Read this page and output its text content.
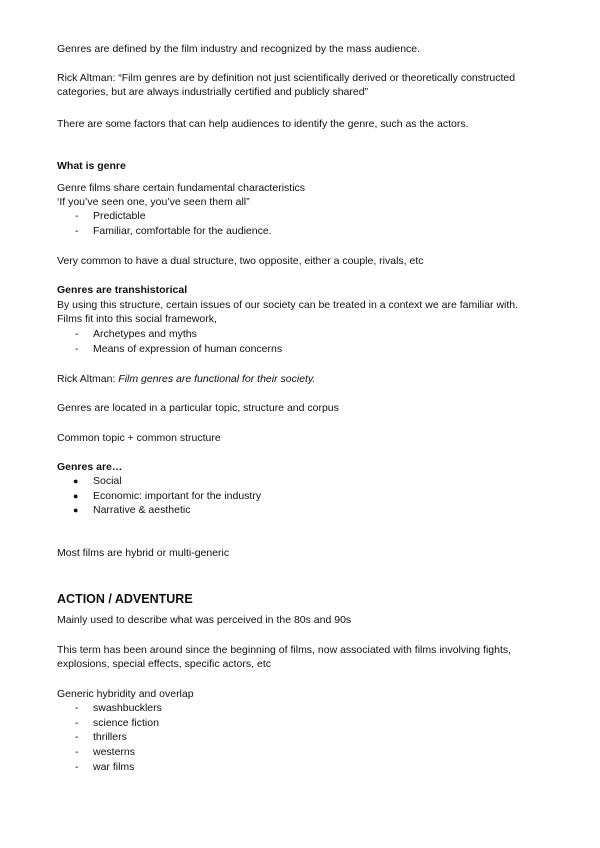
Genres are defined by the film industry and recognized by the mass audience.
Rick Altman: “Film genres are by definition not just scientifically derived or theoretically constructed
categories, but are always industrially certified and publicly shared”
There are some factors that can help audiences to identify the genre, such as the actors.
What is genre
Genre films share certain fundamental characteristics
‘If you’ve seen one, you’ve seen them all”
-	Predictable
-	Familiar, comfortable for the audience.
Very common to have a dual structure, two opposite, either a couple, rivals, etc
Genres are transhistorical
By using this structure, certain issues of our society can be treated in a context we are familiar with.
Films fit into this social framework,
-	Archetypes and myths
-	Means of expression of human concerns
Rick Altman: Film genres are functional for their society.
Genres are located in a particular topic, structure and corpus
Common topic + common structure
Genres are…
● Social
● Economic: important for the industry
● Narrative & aesthetic
Most films are hybrid or multi-generic
ACTION / ADVENTURE
Mainly used to describe what was perceived in the 80s and 90s
This term has been around since the beginning of films, now associated with films involving fights,
explosions, special effects, specific actors, etc
Generic hybridity and overlap
-	swashbucklers
-	science fiction
-	thrillers
-	westerns
-	war films
